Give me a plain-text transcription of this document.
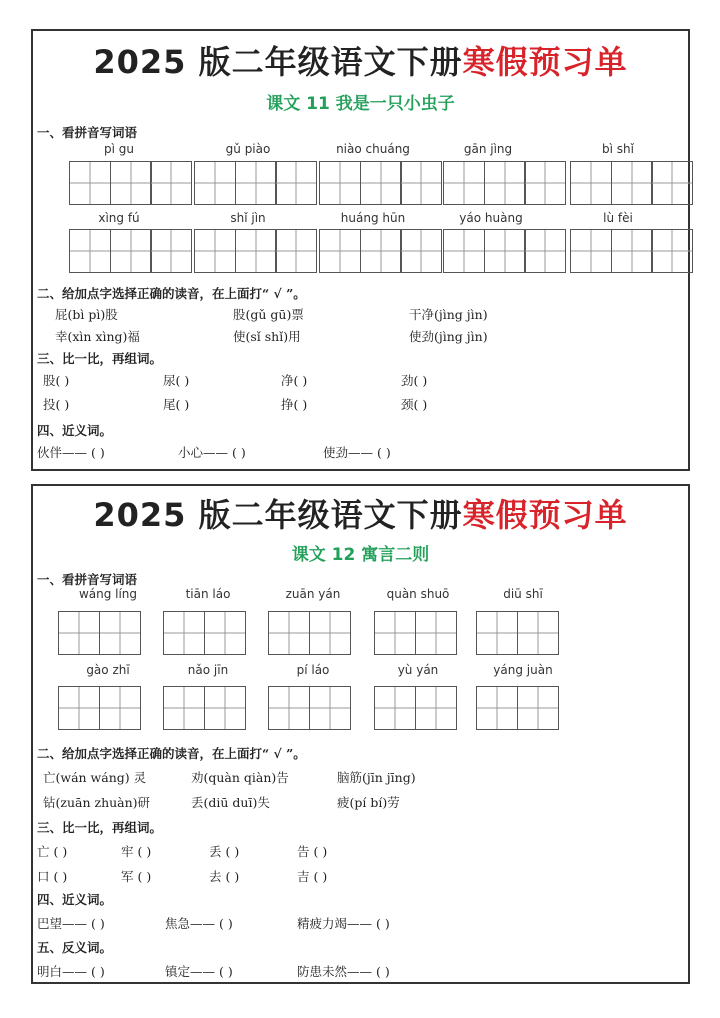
2025 版二年级语文下册寒假预习单
课文 11 我是一只小虫子
一、看拼音写词语
pì gu	gǔ piào	niào chuáng	gān jìng	bì shǐ
xìng fú	shǐ jìn	huáng hūn	yáo huàng	lù fèi
二、给加点字选择正确的读音，在上面打“ √ ”。
屁(bì pì)股	股(gǔ gū)票	干净(jìng jìn)
幸(xìn xìng)福	使(sǐ shǐ)用	使劲(jìng jìn)
三、比一比，再组词。
股( )	尿( )	净( )	劲( )
投( )	尾( )	挣( )	颈( )
四、近义词。
伙伴—— ( )	小心—— ( )	使劲—— ( )
2025 版二年级语文下册寒假预习单
课文 12 寓言二则
一、看拼音写词语
wáng líng	tiān láo	zuān yán	quàn shuō	diū shī
gào zhī	nǎo jīn	pí láo	yù yán	yáng juàn
二、给加点字选择正确的读音，在上面打“ √ ”。
亡(wán wáng) 灵	劝(quàn qiàn)告	脑筋(jīn jīng)
钻(zuān zhuàn)研	丢(diū duī)失	疲(pí bí)劳
三、比一比，再组词。
亡 ( )	牢 ( )	丢 ( )	告 ( )
口 ( )	军 ( )	去 ( )	吉 ( )
四、近义词。
巴望—— ( )	焦急—— ( )	精疲力竭—— ( )
五、反义词。
明白—— ( )	镇定—— ( )	防患未然—— ( )
